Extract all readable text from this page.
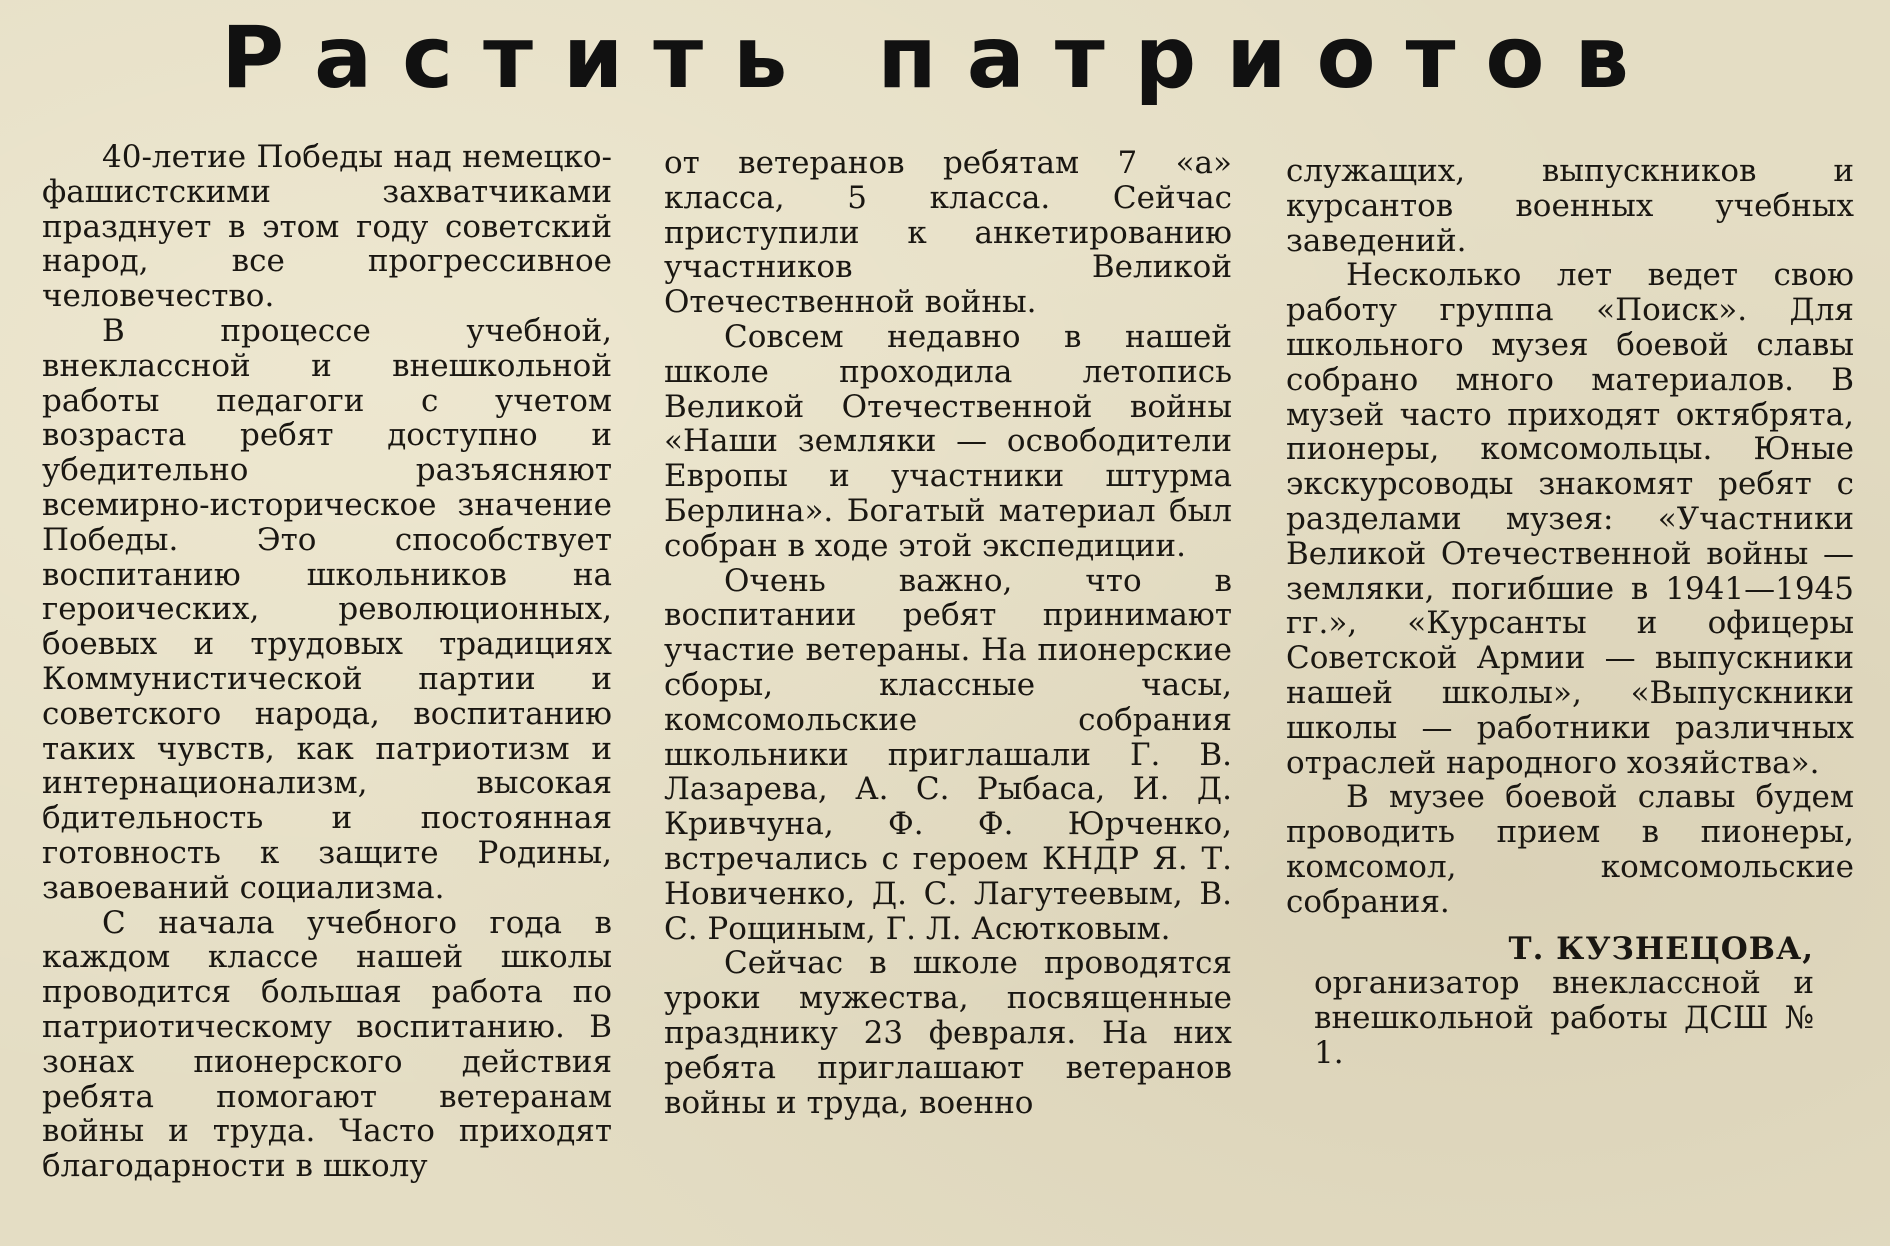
Растить патриотов

40-летие Победы над немецко-фашистскими захватчиками празднует в этом году советский народ, все прогрессивное человечество.

В процессе учебной, внеклассной и внешкольной работы педагоги с учетом возраста ребят доступно и убедительно разъясняют всемирно-историческое значение Победы. Это способствует воспитанию школьников на героических, революционных, боевых и трудовых традициях Коммунистической партии и советского народа, воспитанию таких чувств, как патриотизм и интернационализм, высокая бдительность и постоянная готовность к защите Родины, завоеваний социализма.

С начала учебного года в каждом классе нашей школы проводится большая работа по патриотическому воспитанию. В зонах пионерского действия ребята помогают ветеранам войны и труда. Часто приходят благодарности в школу

от ветеранов ребятам 7 «а» класса, 5 класса. Сейчас приступили к анкетированию участников Великой Отечественной войны.

Совсем недавно в нашей школе проходила летопись Великой Отечественной войны «Наши земляки — освободители Европы и участники штурма Берлина». Богатый материал был собран в ходе этой экспедиции.

Очень важно, что в воспитании ребят принимают участие ветераны. На пионерские сборы, классные часы, комсомольские собрания школьники приглашали Г. В. Лазарева, А. С. Рыбаса, И. Д. Кривчуна, Ф. Ф. Юрченко, встречались с героем КНДР Я. Т. Новиченко, Д. С. Лагутеевым, В. С. Рощиным, Г. Л. Асютковым.

Сейчас в школе проводятся уроки мужества, посвященные празднику 23 февраля. На них ребята приглашают ветеранов войны и труда, военно

служащих, выпускников и курсантов военных учебных заведений.

Несколько лет ведет свою работу группа «Поиск». Для школьного музея боевой славы собрано много материалов. В музей часто приходят октябрята, пионеры, комсомольцы. Юные экскурсоводы знакомят ребят с разделами музея: «Участники Великой Отечественной войны — земляки, погибшие в 1941—1945 гг.», «Курсанты и офицеры Советской Армии — выпускники нашей школы», «Выпускники школы — работники различных отраслей народного хозяйства».

В музее боевой славы будем проводить прием в пионеры, комсомол, комсомольские собрания.

Т. КУЗНЕЦОВА,
организатор внеклассной и внешкольной работы ДСШ № 1.
